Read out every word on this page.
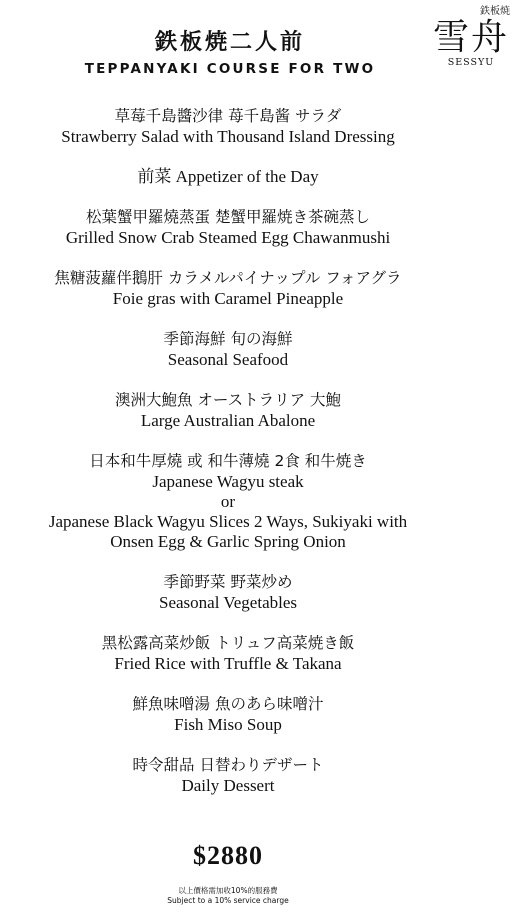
鉄板焼二人前
TEPPANYAKI COURSE FOR TWO
鉄板焼
雪舟
SESSYU
草莓千島醬沙律 苺千島酱 サラダ
Strawberry Salad with Thousand Island Dressing
前菜 Appetizer of the Day
松葉蟹甲羅燒蒸蛋 楚蟹甲羅焼き茶碗蒸し
Grilled Snow Crab Steamed Egg Chawanmushi
焦糖菠蘿伴鵝肝 カラメルパイナップル フォアグラ
Foie gras with Caramel Pineapple
季節海鮮 旬の海鮮
Seasonal Seafood
澳洲大鮑魚 オーストラリア 大鮑
Large Australian Abalone
日本和牛厚燒 或 和牛薄燒 2食 和牛焼き
Japanese Wagyu steak
or
Japanese Black Wagyu Slices 2 Ways, Sukiyaki with
Onsen Egg & Garlic Spring Onion
季節野菜 野菜炒め
Seasonal Vegetables
黑松露高菜炒飯 トリュフ高菜焼き飯
Fried Rice with Truffle & Takana
鮮魚味噌湯 魚のあら味噌汁
Fish Miso Soup
時令甜品 日替わりデザート
Daily Dessert
$2880
以上價格需加收10%的服務費
Subject to a 10% service charge
